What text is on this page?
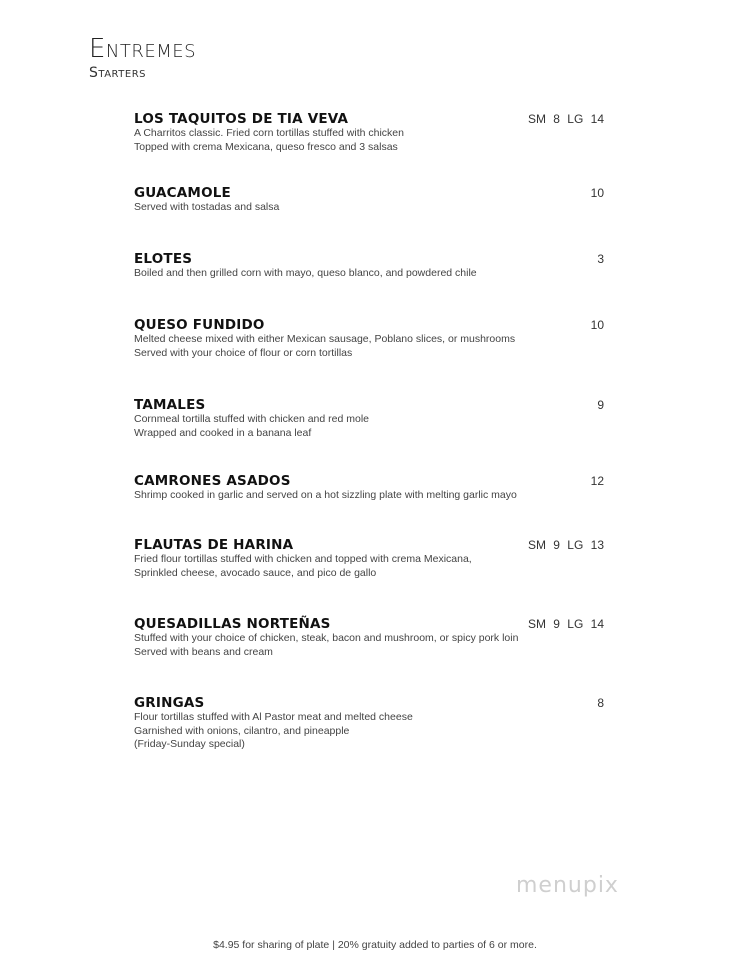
Entremes
Starters
LOS TAQUITOS DE TIA VEVA	SM 8 LG 14
A Charritos classic. Fried corn tortillas stuffed with chicken
Topped with crema Mexicana, queso fresco and 3 salsas
GUACAMOLE	10
Served with tostadas and salsa
ELOTES	3
Boiled and then grilled corn with mayo, queso blanco, and powdered chile
QUESO FUNDIDO	10
Melted cheese mixed with either Mexican sausage, Poblano slices, or mushrooms
Served with your choice of flour or corn tortillas
TAMALES	9
Cornmeal tortilla stuffed with chicken and red mole
Wrapped and cooked in a banana leaf
CAMRONES ASADOS	12
Shrimp cooked in garlic and served on a hot sizzling plate with melting garlic mayo
FLAUTAS DE HARINA	SM 9 LG 13
Fried flour tortillas stuffed with chicken and topped with crema Mexicana,
Sprinkled cheese, avocado sauce, and pico de gallo
QUESADILLAS NORTEÑAS	SM 9 LG 14
Stuffed with your choice of chicken, steak, bacon and mushroom, or spicy pork loin
Served with beans and cream
GRINGAS	8
Flour tortillas stuffed with Al Pastor meat and melted cheese
Garnished with onions, cilantro, and pineapple
(Friday-Sunday special)
menupix
$4.95 for sharing of plate | 20% gratuity added to parties of 6 or more.
